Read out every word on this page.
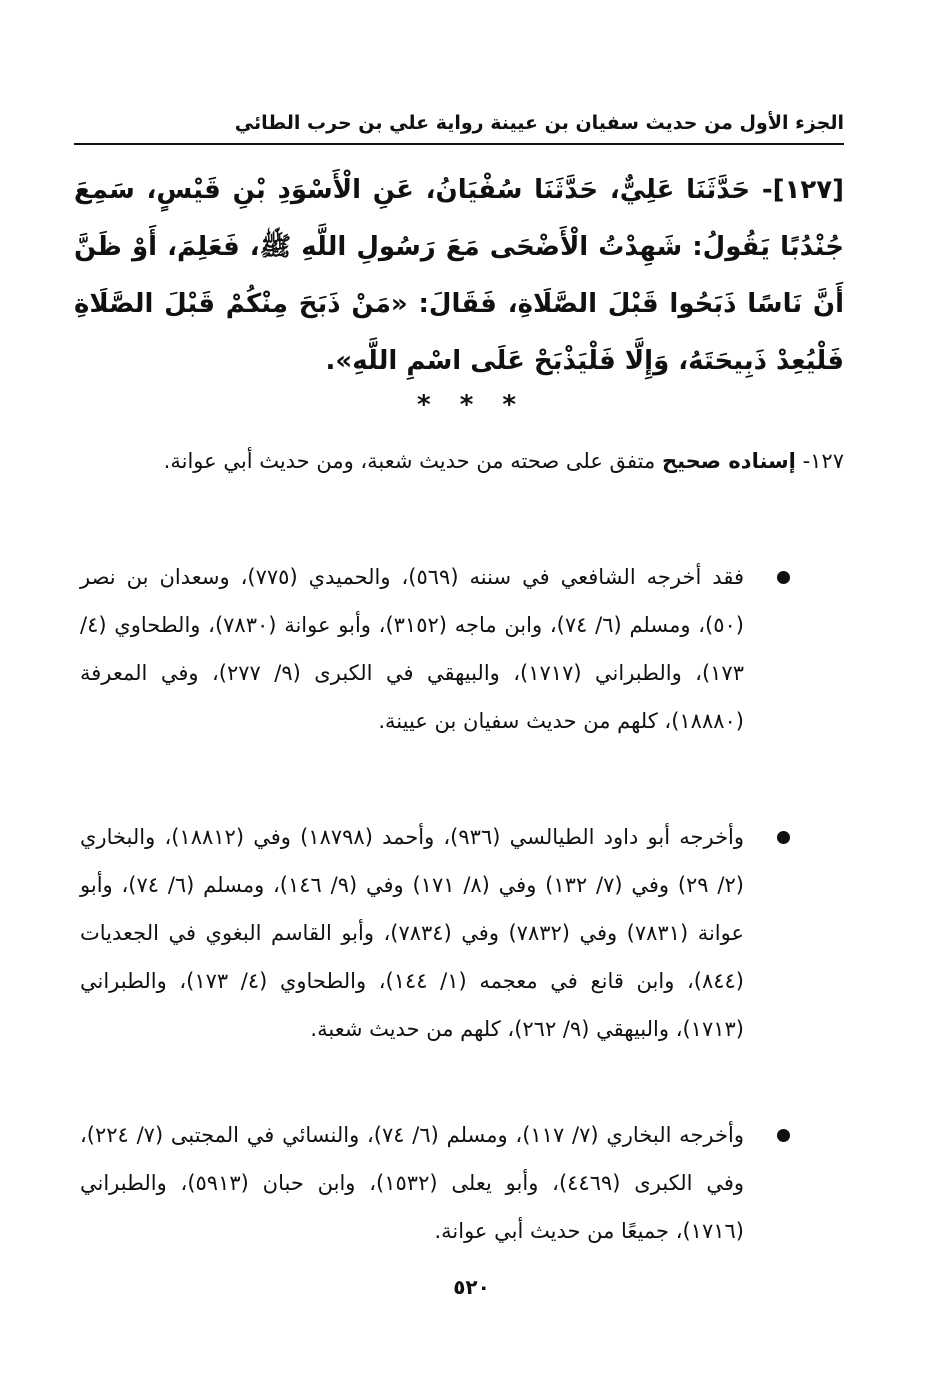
الجزء الأول من حديث سفيان بن عيينة رواية علي بن حرب الطائي
[١٢٧]- حَدَّثَنَا عَلِيٌّ، حَدَّثَنَا سُفْيَانُ، عَنِ الْأَسْوَدِ بْنِ قَيْسٍ، سَمِعَ جُنْدُبًا يَقُولُ: شَهِدْتُ الْأَضْحَى مَعَ رَسُولِ اللَّهِ ﷺ، فَعَلِمَ، أَوْ ظَنَّ أَنَّ نَاسًا ذَبَحُوا قَبْلَ الصَّلَاةِ، فَقَالَ: «مَنْ ذَبَحَ مِنْكُمْ قَبْلَ الصَّلَاةِ فَلْيُعِدْ ذَبِيحَتَهُ، وَإِلَّا فَلْيَذْبَحْ عَلَى اسْمِ اللَّهِ».
* * *
١٢٧- إسناده صحيح متفق على صحته من حديث شعبة، ومن حديث أبي عوانة.
فقد أخرجه الشافعي في سننه (٥٦٩)، والحميدي (٧٧٥)، وسعدان بن نصر (٥٠)، ومسلم (٦/ ٧٤)، وابن ماجه (٣١٥٢)، وأبو عوانة (٧٨٣٠)، والطحاوي (٤/ ١٧٣)، والطبراني (١٧١٧)، والبيهقي في الكبرى (٩/ ٢٧٧)، وفي المعرفة (١٨٨٨٠)، كلهم من حديث سفيان بن عيينة.
وأخرجه أبو داود الطيالسي (٩٣٦)، وأحمد (١٨٧٩٨) وفي (١٨٨١٢)، والبخاري (٢/ ٢٩) وفي (٧/ ١٣٢) وفي (٨/ ١٧١) وفي (٩/ ١٤٦)، ومسلم (٦/ ٧٤)، وأبو عوانة (٧٨٣١) وفي (٧٨٣٢) وفي (٧٨٣٤)، وأبو القاسم البغوي في الجعديات (٨٤٤)، وابن قانع في معجمه (١/ ١٤٤)، والطحاوي (٤/ ١٧٣)، والطبراني (١٧١٣)، والبيهقي (٩/ ٢٦٢)، كلهم من حديث شعبة.
وأخرجه البخاري (٧/ ١١٧)، ومسلم (٦/ ٧٤)، والنسائي في المجتبى (٧/ ٢٢٤)، وفي الكبرى (٤٤٦٩)، وأبو يعلى (١٥٣٢)، وابن حبان (٥٩١٣)، والطبراني (١٧١٦)، جميعًا من حديث أبي عوانة.
٥٢٠
